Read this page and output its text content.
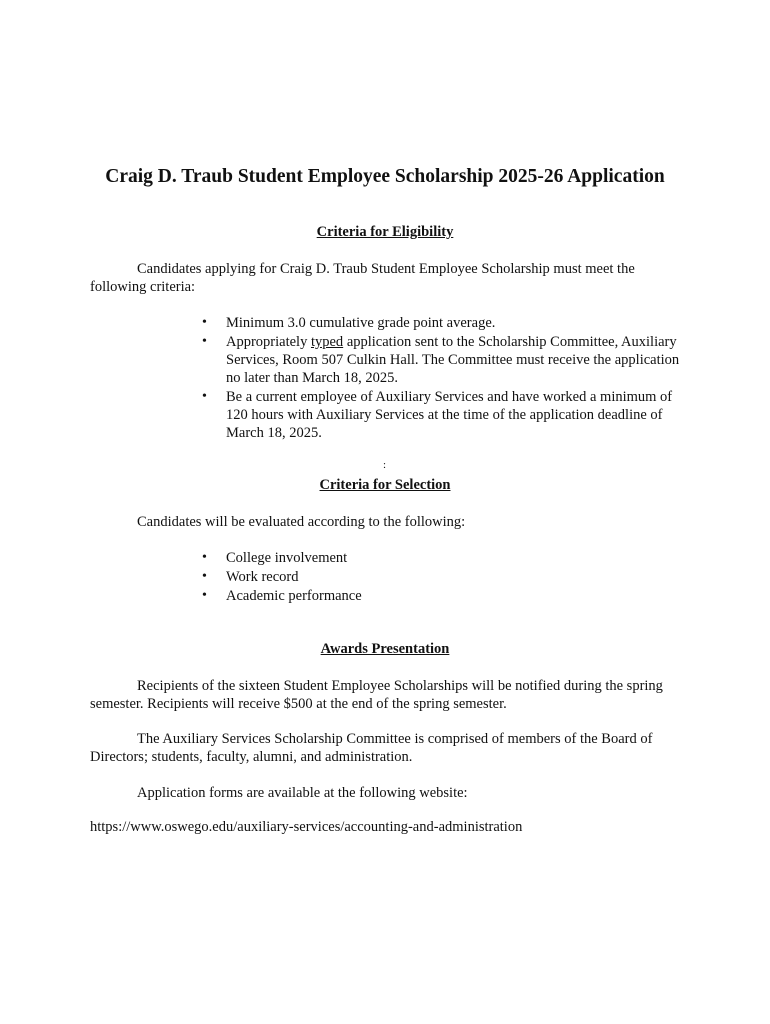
Craig D. Traub Student Employee Scholarship 2025-26 Application
Criteria for Eligibility
Candidates applying for Craig D. Traub Student Employee Scholarship must meet the following criteria:
• Minimum 3.0 cumulative grade point average.
• Appropriately typed application sent to the Scholarship Committee, Auxiliary Services, Room 507 Culkin Hall. The Committee must receive the application no later than March 18, 2025.
• Be a current employee of Auxiliary Services and have worked a minimum of 120 hours with Auxiliary Services at the time of the application deadline of March 18, 2025.
:
Criteria for Selection
Candidates will be evaluated according to the following:
• College involvement
• Work record
• Academic performance
Awards Presentation
Recipients of the sixteen Student Employee Scholarships will be notified during the spring semester. Recipients will receive $500 at the end of the spring semester.
The Auxiliary Services Scholarship Committee is comprised of members of the Board of Directors; students, faculty, alumni, and administration.
Application forms are available at the following website:
https://www.oswego.edu/auxiliary-services/accounting-and-administration
